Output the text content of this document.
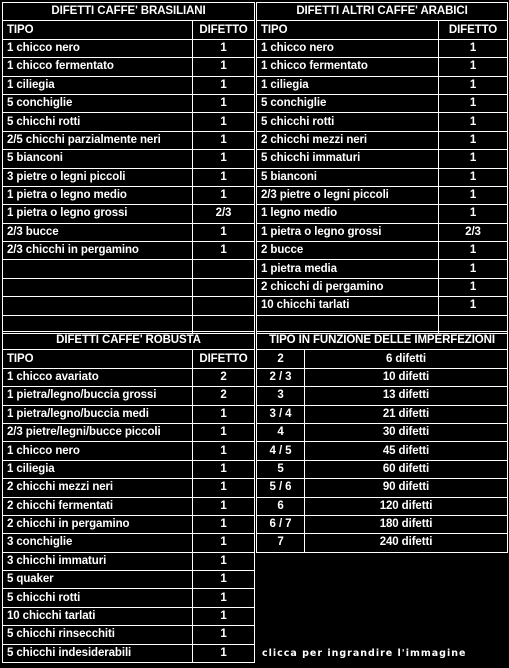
DIFETTI CAFFE' BRASILIANI	
TIPO	DIFETTO
1 chicco nero	1
1 chicco fermentato	1
1 ciliegia	1
5 conchiglie	1
5 chicchi rotti	1
2/5 chicchi parzialmente neri	1
5 bianconi	1
3 pietre o legni piccoli	1
1 pietra o legno medio	1
1 pietra o legno grossi	2/3
2/3 bucce	1
2/3 chicchi in pergamino	1

DIFETTI ALTRI CAFFE' ARABICI	
TIPO	DIFETTO
1 chicco nero	1
1 chicco fermentato	1
1 ciliegia	1
5 conchiglie	1
5 chicchi rotti	1
2 chicchi mezzi neri	1
5 chicchi immaturi	1
5 bianconi	1
2/3 pietre o legni piccoli	1
1 legno medio	1
1 pietra o legno grossi	2/3
2 bucce	1
1 pietra media	1
2 chicchi di pergamino	1
10 chicchi tarlati	1

DIFETTI CAFFE' ROBUSTA	
TIPO	DIFETTO
1 chicco avariato	2
1 pietra/legno/buccia grossi	2
1 pietra/legno/buccia medi	1
2/3 pietre/legni/bucce piccoli	1
1 chicco nero	1
1 ciliegia	1
2 chicchi mezzi neri	1
2 chicchi fermentati	1
2 chicchi in pergamino	1
3 conchiglie	1
3 chicchi immaturi	1
5 quaker	1
5 chicchi rotti	1
10 chicchi tarlati	1
5 chicchi rinsecchiti	1
5 chicchi indesiderabili	1
TIPO IN FUNZIONE DELLE IMPERFEZIONI	
2	6 difetti
2 / 3	10 difetti
3	13 difetti
3 / 4	21 difetti
4	30 difetti
4 / 5	45 difetti
5	60 difetti
5 / 6	90 difetti
6	120 difetti
6 / 7	180 difetti
7	240 difetti
clicca per ingrandire l'immagine
